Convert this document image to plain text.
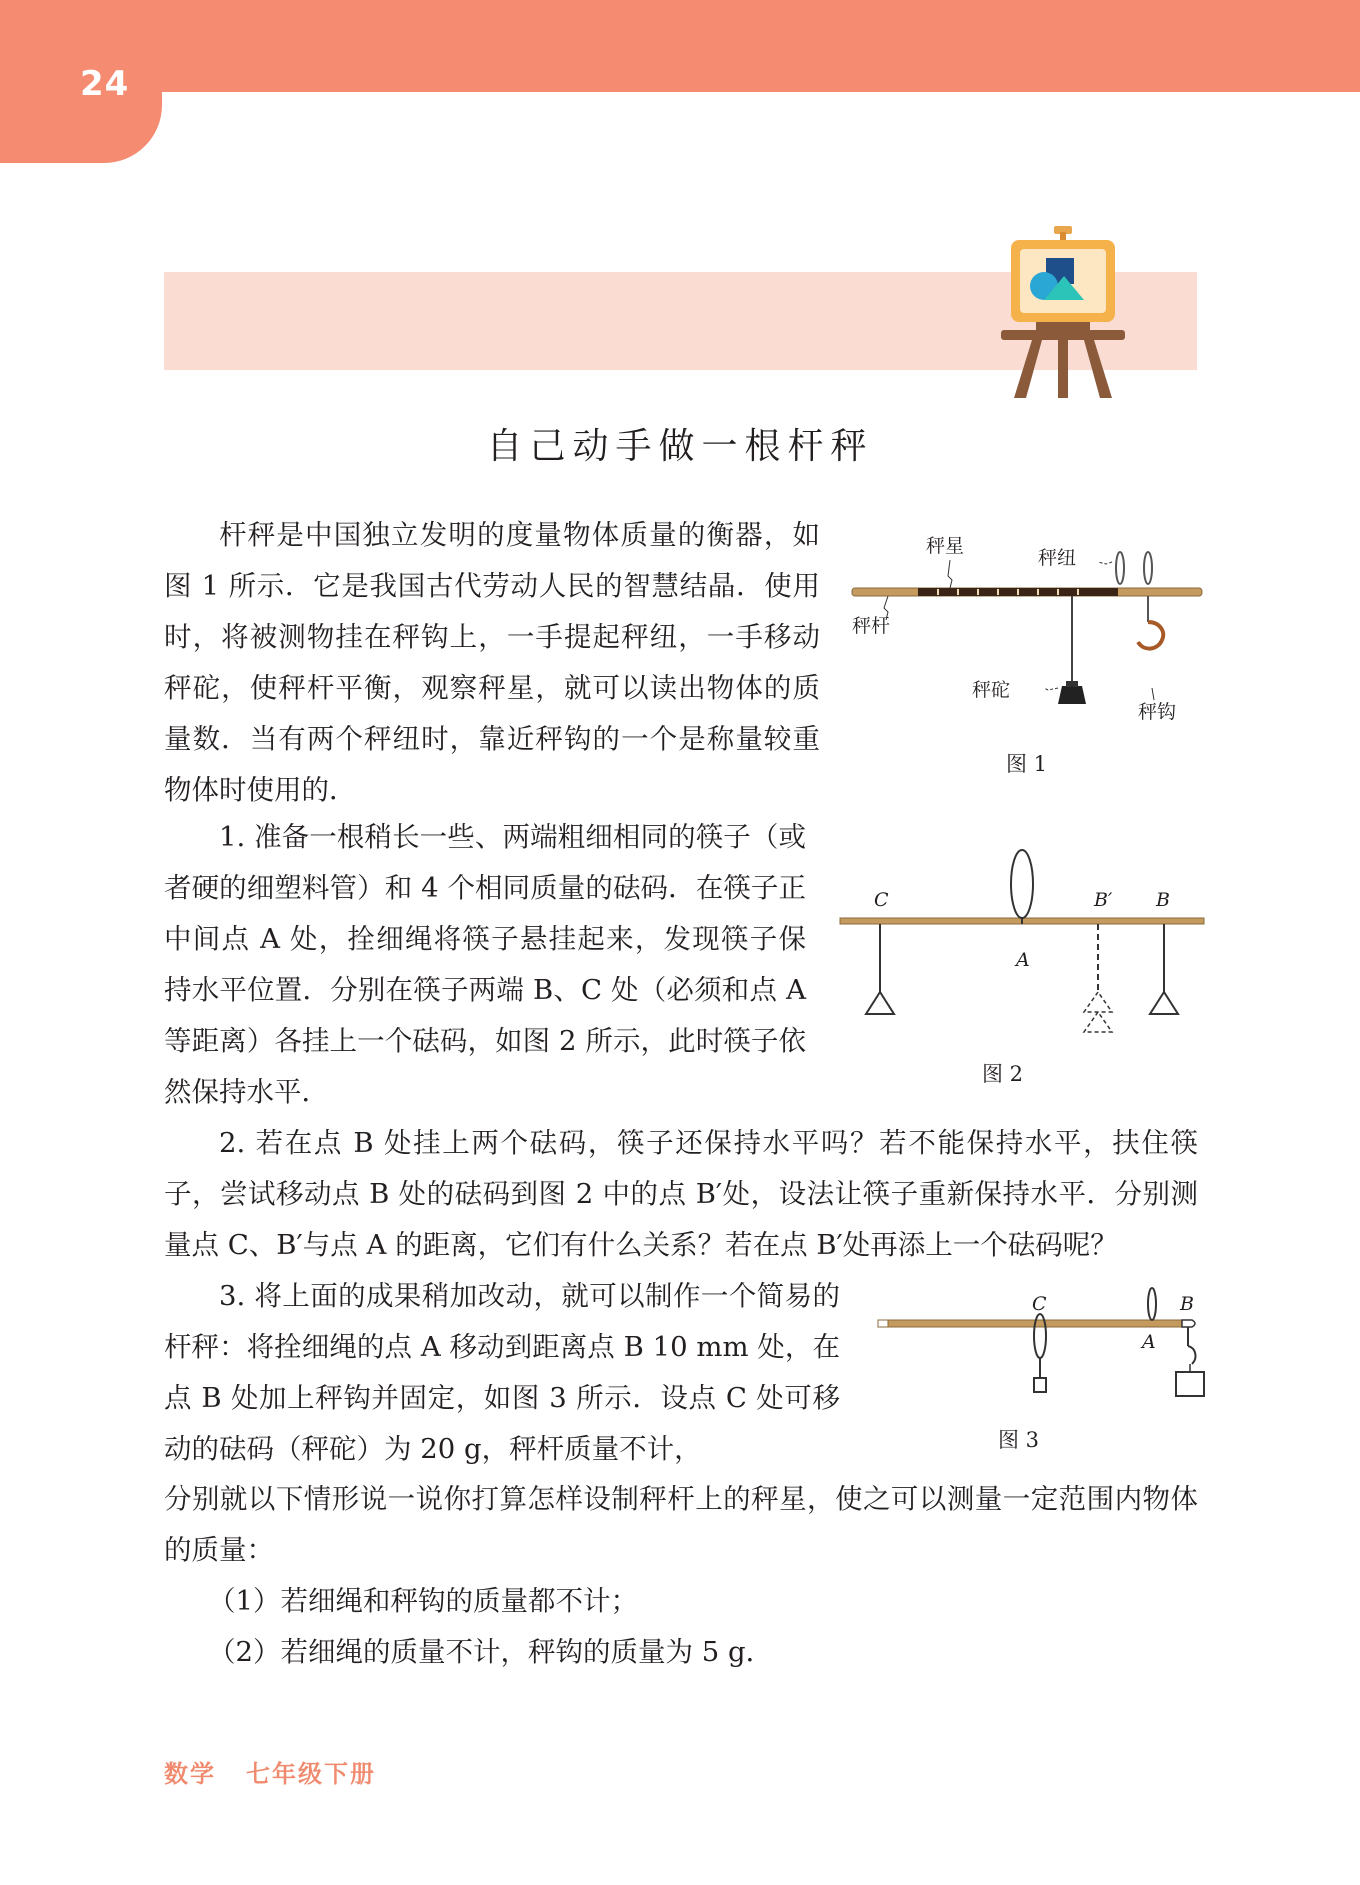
24
自己动手做一根杆秤

杆秤是中国独立发明的度量物体质量的衡器，如图 1 所示．它是我国古代劳动人民的智慧结晶．使用时，将被测物挂在秤钩上，一手提起秤纽，一手移动秤砣，使秤杆平衡，观察秤星，就可以读出物体的质量数．当有两个秤纽时，靠近秤钩的一个是称量较重物体时使用的．

秤星
秤纽
秤杆
秤砣
秤钩
图 1

1. 准备一根稍长一些、两端粗细相同的筷子（或者硬的细塑料管）和 4 个相同质量的砝码．在筷子正中间点 A 处，拴细绳将筷子悬挂起来，发现筷子保持水平位置．分别在筷子两端 B、C 处（必须和点 A 等距离）各挂上一个砝码，如图 2 所示，此时筷子依然保持水平．

C	B′ B
A
图 2

2. 若在点 B 处挂上两个砝码，筷子还保持水平吗？若不能保持水平，扶住筷子，尝试移动点 B 处的砝码到图 2 中的点 B′处，设法让筷子重新保持水平．分别测量点 C、B′与点 A 的距离，它们有什么关系？若在点 B′处再添上一个砝码呢？

3. 将上面的成果稍加改动，就可以制作一个简易的杆秤：将拴细绳的点 A 移动到距离点 B 10 mm 处，在点 B 处加上秤钩并固定，如图 3 所示．设点 C 处可移动的砝码（秤砣）为 20 g，秤杆质量不计，

C	B
A
图 3

分别就以下情形说一说你打算怎样设制秤杆上的秤星，使之可以测量一定范围内物体的质量：

（1）若细绳和秤钩的质量都不计；

（2）若细绳的质量不计，秤钩的质量为 5 g．

数学 七年级下册
